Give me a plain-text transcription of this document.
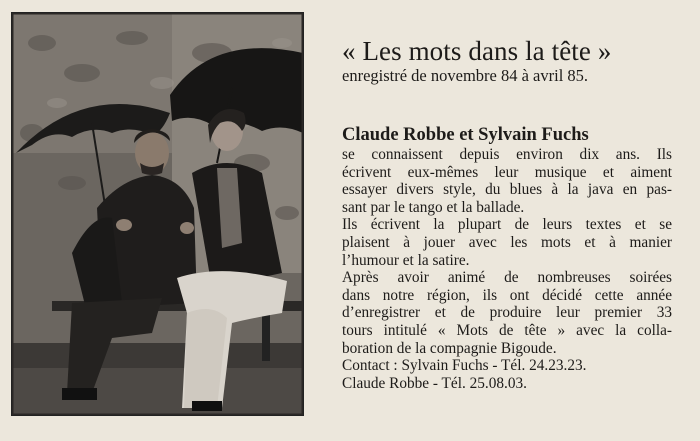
« Les mots dans la tête »
enregistré de novembre 84 à avril 85.
Claude Robbe et Sylvain Fuchs
se connaissent depuis environ dix ans. Ils
écrivent eux-mêmes leur musique et aiment
essayer divers style, du blues à la java en pas-
sant par le tango et la ballade.
Ils écrivent la plupart de leurs textes et se
plaisent à jouer avec les mots et à manier
l’humour et la satire.
Après avoir animé de nombreuses soirées
dans notre région, ils ont décidé cette année
d’enregistrer et de produire leur premier 33
tours intitulé « Mots de tête » avec la colla-
boration de la compagnie Bigoude.
Contact : Sylvain Fuchs - Tél. 24.23.23.
Claude Robbe - Tél. 25.08.03.
